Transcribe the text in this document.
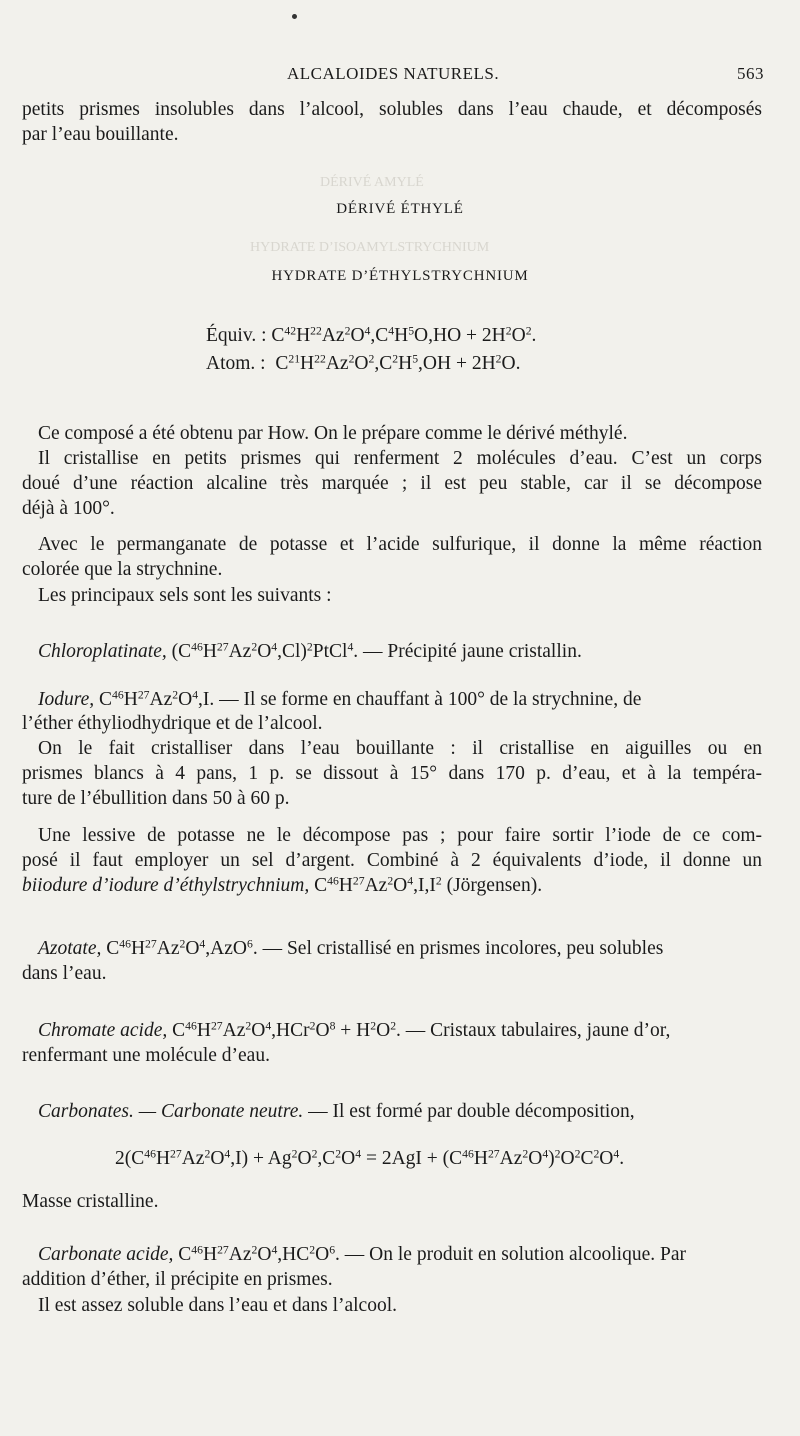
DÉRIVÉ AMYLÉ
HYDRATE D’ISOAMYLSTRYCHNIUM
ALCALOIDES NATURELS.	563
petits prismes insolubles dans l’alcool, solubles dans l’eau chaude, et décomposés
par l’eau bouillante.
DÉRIVÉ ÉTHYLÉ
HYDRATE D’ÉTHYLSTRYCHNIUM
Équiv. : $C^{42}H^{22}Az^2O^4,C^4H^5O,HO + 2H^2O^2$.
Atom. :  $C^{21}H^{22}Az^2O^2,C^2H^5,OH + 2H^2O$.
Ce composé a été obtenu par How. On le prépare comme le dérivé méthylé.
Il cristallise en petits prismes qui renferment 2 molécules d’eau. C’est un corps
doué d’une réaction alcaline très marquée ; il est peu stable, car il se décompose
déjà à 100°.
Avec le permanganate de potasse et l’acide sulfurique, il donne la même réaction
colorée que la strychnine.
Les principaux sels sont les suivants :
Chloroplatinate, $(C^{46}H^{27}Az^2O^4,Cl)^2PtCl^4$. — Précipité jaune cristallin.
Iodure, $C^{46}H^{27}Az^2O^4,I$. — Il se forme en chauffant à 100° de la strychnine, de
l’éther éthyliodhydrique et de l’alcool.
On le fait cristalliser dans l’eau bouillante : il cristallise en aiguilles ou en
prismes blancs à 4 pans, 1 p. se dissout à 15° dans 170 p. d’eau, et à la tempéra-
ture de l’ébullition dans 50 à 60 p.
Une lessive de potasse ne le décompose pas ; pour faire sortir l’iode de ce com-
posé il faut employer un sel d’argent. Combiné à 2 équivalents d’iode, il donne un
biiodure d’iodure d’éthylstrychnium, $C^{46}H^{27}Az^2O^4,I,I^2$ (Jörgensen).
Azotate, $C^{46}H^{27}Az^2O^4,AzO^6$. — Sel cristallisé en prismes incolores, peu solubles
dans l’eau.
Chromate acide, $C^{46}H^{27}Az^2O^4,HCr^2O^8 + H^2O^2$. — Cristaux tabulaires, jaune d’or,
renfermant une molécule d’eau.
Carbonates. — Carbonate neutre. — Il est formé par double décomposition,
$2(C^{46}H^{27}Az^2O^4,I) + Ag^2O^2,C^2O^4 = 2AgI + (C^{46}H^{27}Az^2O^4)^2O^2C^2O^4$.
Masse cristalline.
Carbonate acide, $C^{46}H^{27}Az^2O^4,HC^2O^6$. — On le produit en solution alcoolique. Par
addition d’éther, il précipite en prismes.
Il est assez soluble dans l’eau et dans l’alcool.
